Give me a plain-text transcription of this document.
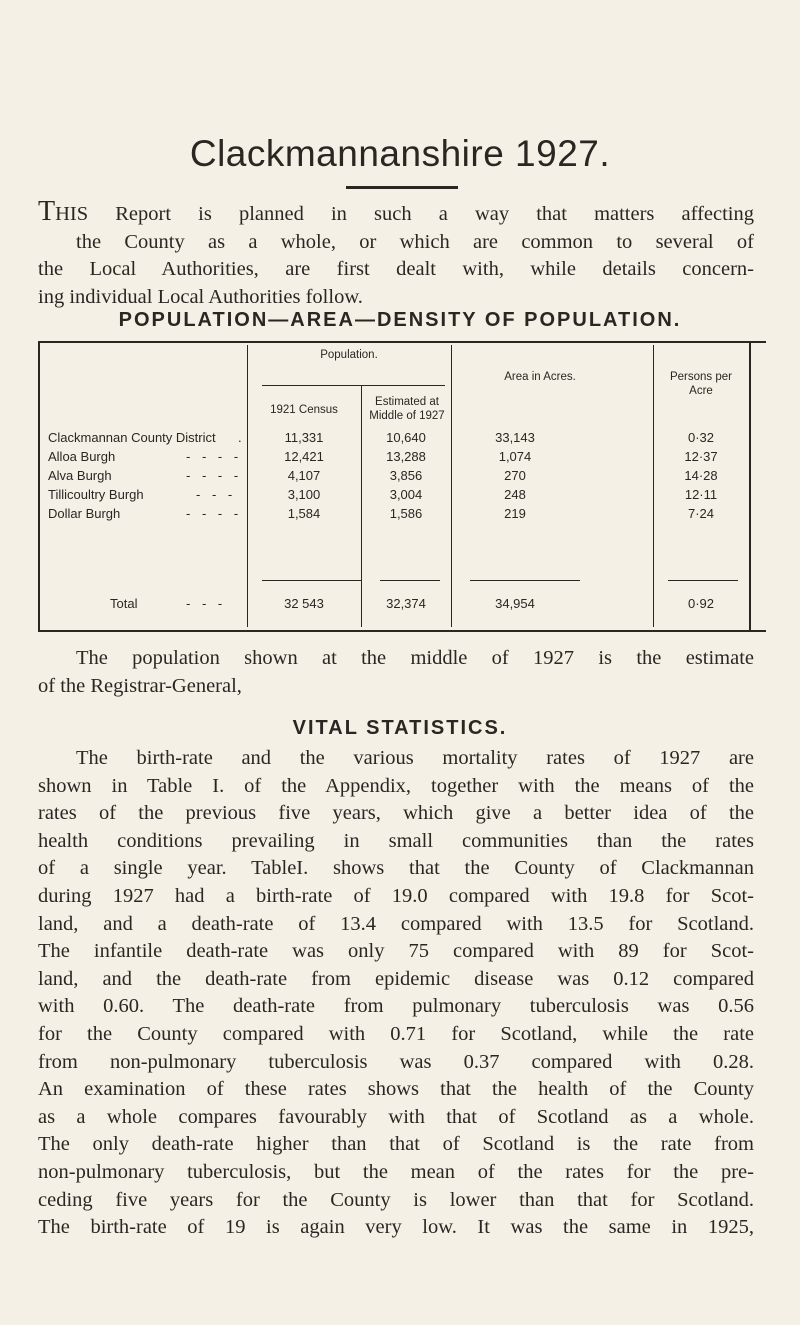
Clackmannanshire 1927.
THIS Report is planned in such a way that matters affecting
the County as a whole, or which are common to several of
the Local Authorities, are first dealt with, while details concern-
ing individual Local Authorities follow.
POPULATION—AREA—DENSITY OF POPULATION.
Population.
1921 Census
Estimated at Middle of 1927
Area in Acres.	Persons per Acre
Clackmannan County District .	11,331	10,640	33,143	0·32
Alloa Burgh	- - - -	12,421	13,288	1,074	12·37
Alva Burgh	- - - -	4,107	3,856	270	14·28
Tillicoultry Burgh	- - -	3,100	3,004	248	12·11
Dollar Burgh	- - - -	1,584	1,586	219	7·24
Total	- - -	32 543	32,374	34,954	0·92
The population shown at the middle of 1927 is the estimate
of the Registrar-General,
VITAL STATISTICS.
The birth-rate and the various mortality rates of 1927 are
shown in Table I. of the Appendix, together with the means of the
rates of the previous five years, which give a better idea of the
health conditions prevailing in small communities than the rates
of a single year. TableI. shows that the County of Clackmannan
during 1927 had a birth-rate of 19.0 compared with 19.8 for Scot-
land, and a death-rate of 13.4 compared with 13.5 for Scotland.
The infantile death-rate was only 75 compared with 89 for Scot-
land, and the death-rate from epidemic disease was 0.12 compared
with 0.60. The death-rate from pulmonary tuberculosis was 0.56
for the County compared with 0.71 for Scotland, while the rate
from non-pulmonary tuberculosis was 0.37 compared with 0.28.
An examination of these rates shows that the health of the County
as a whole compares favourably with that of Scotland as a whole.
The only death-rate higher than that of Scotland is the rate from
non-pulmonary tuberculosis, but the mean of the rates for the pre-
ceding five years for the County is lower than that for Scotland.
The birth-rate of 19 is again very low. It was the same in 1925,
